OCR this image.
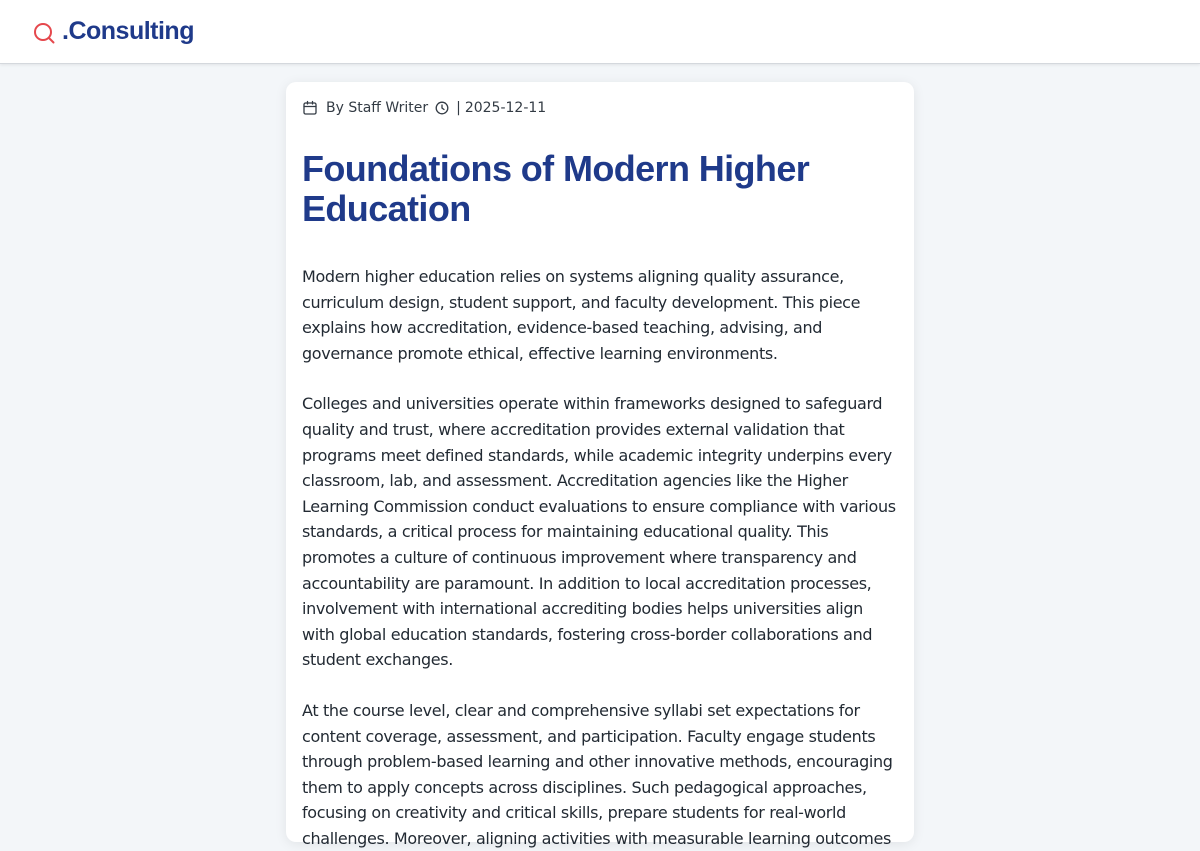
.Consulting
By Staff Writer | 2025-12-11
Foundations of Modern Higher Education

Modern higher education relies on systems aligning quality assurance, curriculum design, student support, and faculty development. This piece explains how accreditation, evidence-based teaching, advising, and governance promote ethical, effective learning environments.

Colleges and universities operate within frameworks designed to safeguard quality and trust, where accreditation provides external validation that programs meet defined standards, while academic integrity underpins every classroom, lab, and assessment. Accreditation agencies like the Higher Learning Commission conduct evaluations to ensure compliance with various standards, a critical process for maintaining educational quality. This promotes a culture of continuous improvement where transparency and accountability are paramount. In addition to local accreditation processes, involvement with international accrediting bodies helps universities align with global education standards, fostering cross-border collaborations and student exchanges.

At the course level, clear and comprehensive syllabi set expectations for content coverage, assessment, and participation. Faculty engage students through problem-based learning and other innovative methods, encouraging them to apply concepts across disciplines. Such pedagogical approaches, focusing on creativity and critical skills, prepare students for real-world challenges. Moreover, aligning activities with measurable learning outcomes
